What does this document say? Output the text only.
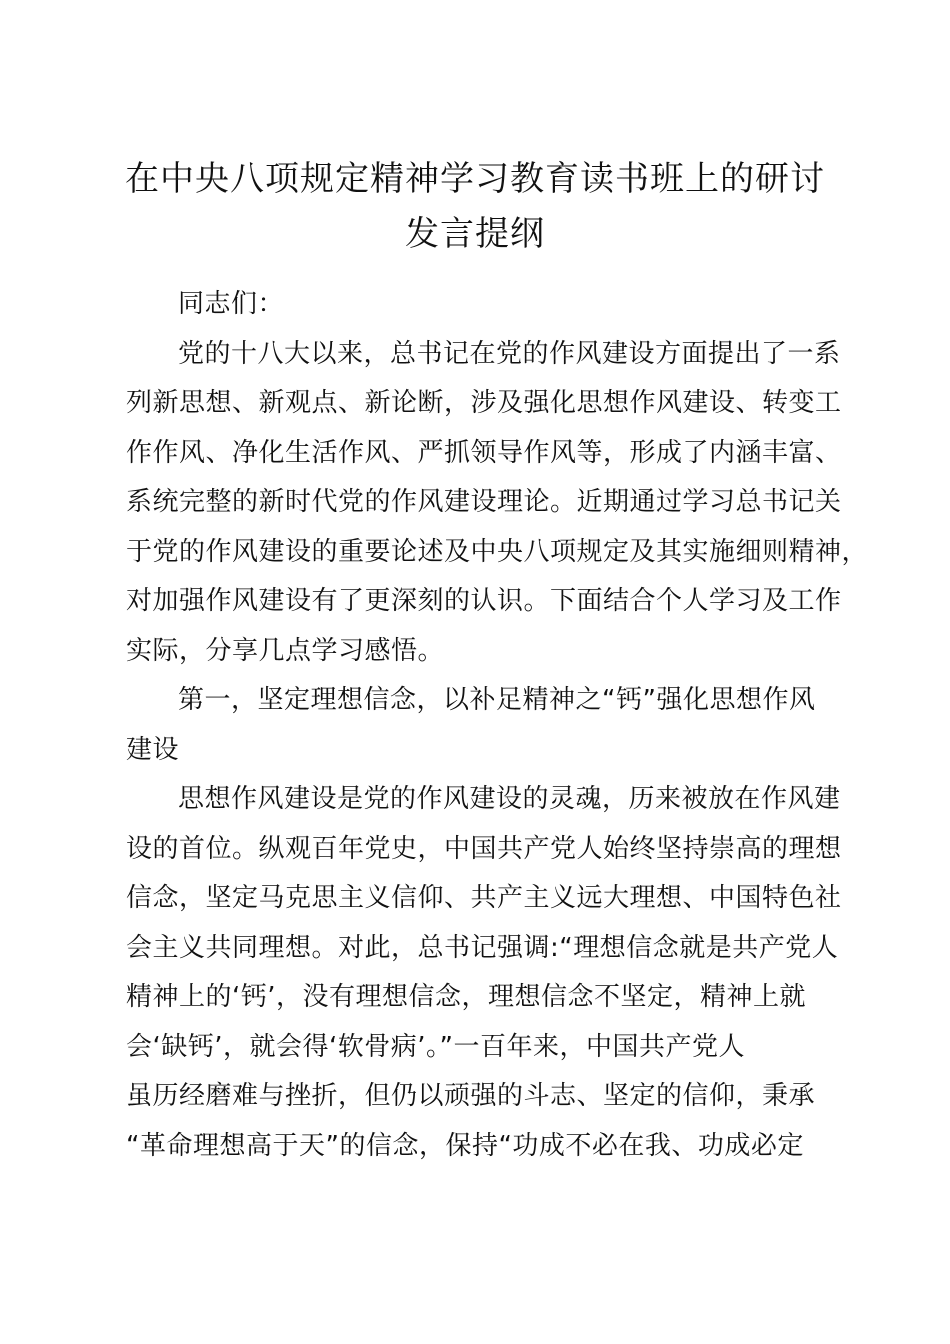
在中央八项规定精神学习教育读书班上的研讨
发言提纲

同志们：

党的十八大以来，总书记在党的作风建设方面提出了一系
列新思想、新观点、新论断，涉及强化思想作风建设、转变工
作作风、净化生活作风、严抓领导作风等，形成了内涵丰富、
系统完整的新时代党的作风建设理论。近期通过学习总书记关
于党的作风建设的重要论述及中央八项规定及其实施细则精神，
对加强作风建设有了更深刻的认识。下面结合个人学习及工作
实际，分享几点学习感悟。

第一，坚定理想信念，以补足精神之“钙”强化思想作风
建设

思想作风建设是党的作风建设的灵魂，历来被放在作风建
设的首位。纵观百年党史，中国共产党人始终坚持崇高的理想
信念，坚定马克思主义信仰、共产主义远大理想、中国特色社
会主义共同理想。对此，总书记强调:“理想信念就是共产党人
精神上的‘钙’，没有理想信念，理想信念不坚定，精神上就
会‘缺钙’，就会得‘软骨病’。”一百年来，中国共产党人
虽历经磨难与挫折，但仍以顽强的斗志、坚定的信仰，秉承
“革命理想高于天”的信念，保持“功成不必在我、功成必定
